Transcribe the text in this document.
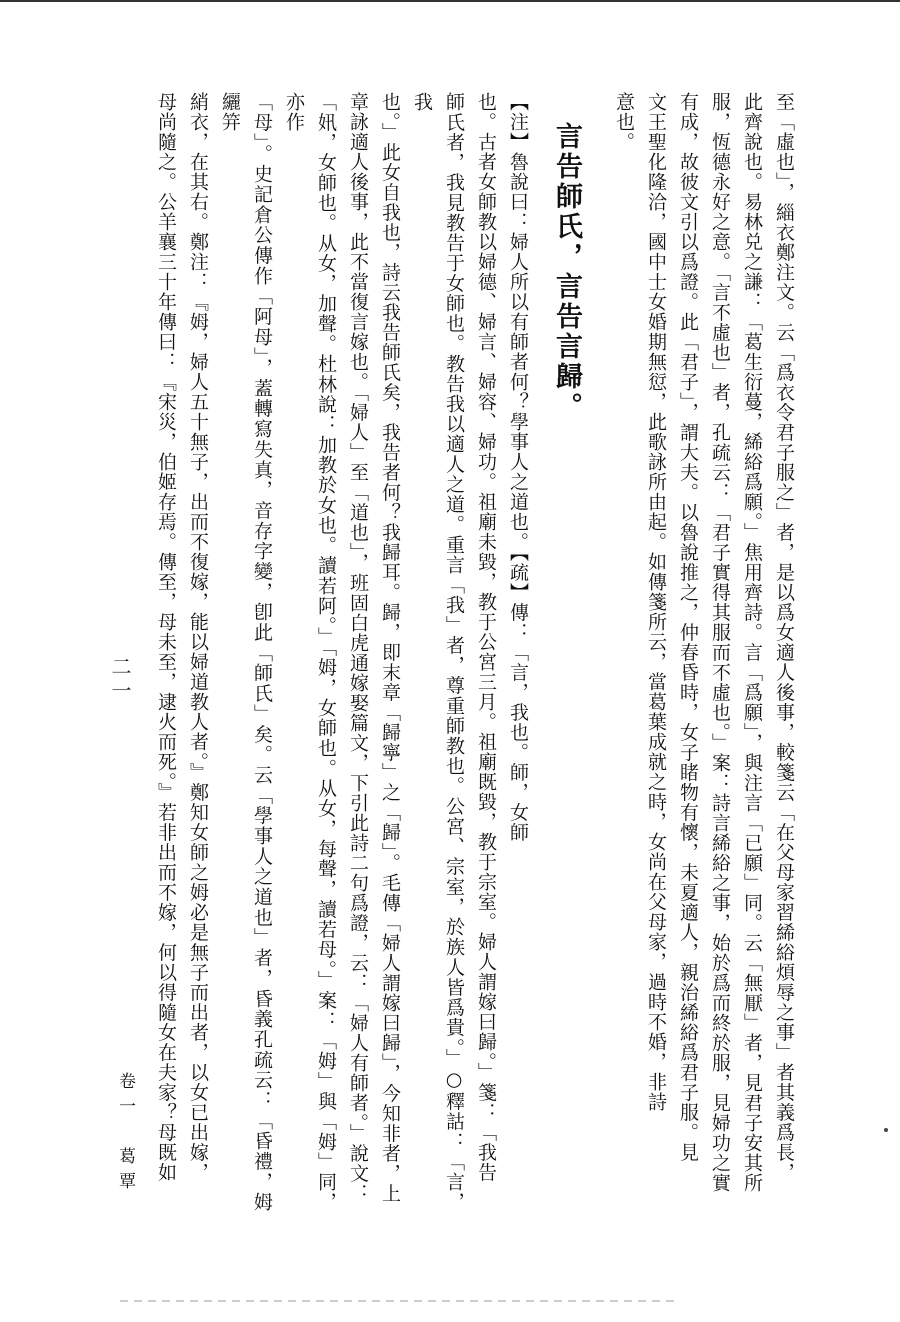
至「虛也」，緇衣鄭注文。云「爲衣令君子服之」者，是以爲女適人後事，較箋云「在父母家習絺綌煩辱之事」者其義爲長，

此齊說也。易林兑之謙：「葛生衍蔓，絺綌爲願。」焦用齊詩。言「爲願」，與注言「已願」同。云「無厭」者，見君子安其所

服，恆德永好之意。「言不虛也」者，孔疏云：「君子實得其服而不虛也。」案：詩言絺綌之事，始於爲而終於服，見婦功之實

有成，故彼文引以爲證。此「君子」，謂大夫。以魯說推之，仲春昏時，女子睹物有懷，未夏適人，親治絺綌爲君子服。見

文王聖化隆洽，國中士女婚期無愆，此歌詠所由起。如傳箋所云，當葛葉成就之時，女尚在父母家，過時不婚，非詩

意也。

言告師氏，言告言歸。

【注】魯說曰：婦人所以有師者何？學事人之道也。【疏】傳：「言，我也。師，女師

也。古者女師教以婦德、婦言、婦容、婦功。祖廟未毀，教于公宮三月。祖廟既毀，教于宗室。婦人謂嫁曰歸。」箋：「我告

師氏者，我見教告于女師也。教告我以適人之道。重言「我」者，尊重師教也。公宮、宗室，於族人皆爲貴。」○釋詁：「言，我

也。」此女自我也，詩云我告師氏矣，我告者何？我歸耳。歸，即末章「歸寧」之「歸」。毛傳「婦人謂嫁曰歸」，今知非者，上

章詠適人後事，此不當復言嫁也。「婦人」至「道也」，班固白虎通嫁娶篇文，下引此詩二句爲證，云：「婦人有師者。」說文：

「㚨，女師也。从女，加聲。杜林說：加教於女也。讀若阿。」「姆，女師也。从女，每聲，讀若母。」案：「姆」與「姆」同，亦作

「母」。史記倉公傳作「阿母」，蓋轉寫失真，音存字變，卽此「師氏」矣。云「學事人之道也」者，昏義孔疏云：「昏禮，姆纚笄

綃衣，在其右。鄭注：『姆，婦人五十無子，出而不復嫁，能以婦道教人者。』鄭知女師之姆必是無子而出者，以女已出嫁，

母尚隨之。公羊襄三十年傳曰：『宋災，伯姬存焉。傳至，母未至，逮火而死。』若非出而不嫁，何以得隨女在夫家？母既如

二一
卷一　葛覃
